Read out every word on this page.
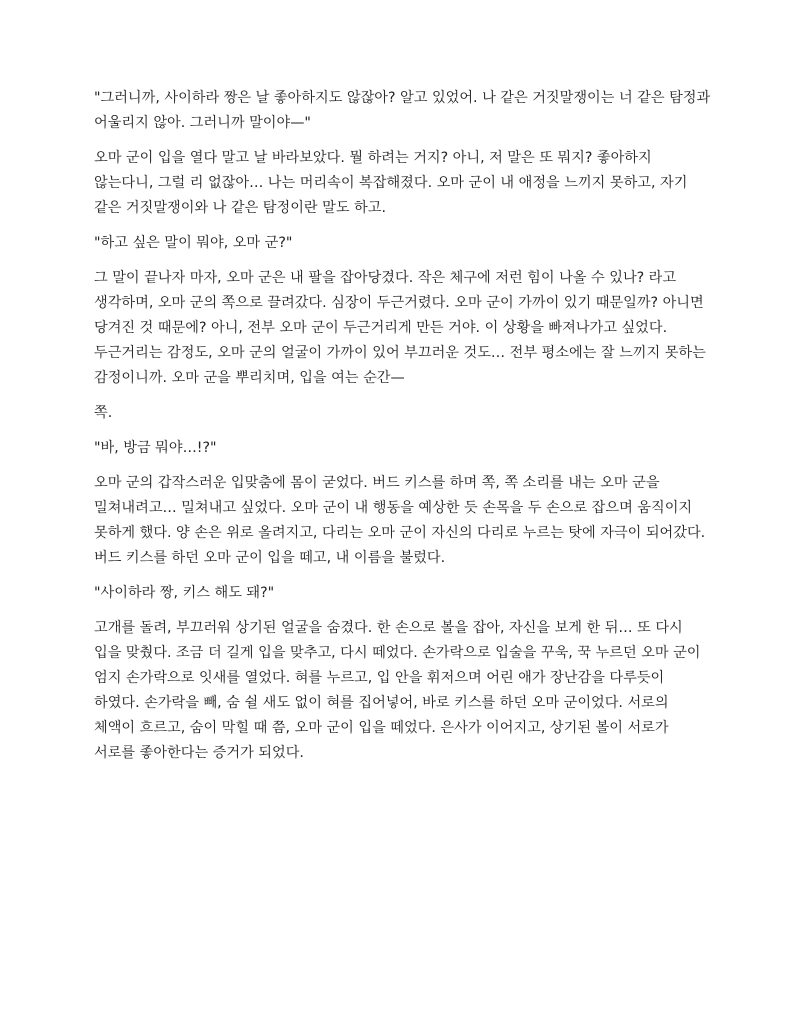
"그러니까, 사이하라 짱은 날 좋아하지도 않잖아? 알고 있었어. 나 같은 거짓말쟁이는 너 같은 탐정과 어울리지 않아. 그러니까 말이야—"

오마 군이 입을 열다 말고 날 바라보았다. 뭘 하려는 거지? 아니, 저 말은 또 뭐지? 좋아하지 않는다니, 그럴 리 없잖아… 나는 머리속이 복잡해졌다. 오마 군이 내 애정을 느끼지 못하고, 자기 같은 거짓말쟁이와 나 같은 탐정이란 말도 하고.

"하고 싶은 말이 뭐야, 오마 군?"

그 말이 끝나자 마자, 오마 군은 내 팔을 잡아당겼다. 작은 체구에 저런 힘이 나올 수 있나? 라고 생각하며, 오마 군의 쪽으로 끌려갔다. 심장이 두근거렸다. 오마 군이 가까이 있기 때문일까? 아니면 당겨진 것 때문에? 아니, 전부 오마 군이 두근거리게 만든 거야. 이 상황을 빠져나가고 싶었다. 두근거리는 감정도, 오마 군의 얼굴이 가까이 있어 부끄러운 것도… 전부 평소에는 잘 느끼지 못하는 감정이니까. 오마 군을 뿌리치며, 입을 여는 순간—

쪽.

"바, 방금 뭐야…!?"

오마 군의 갑작스러운 입맞춤에 몸이 굳었다. 버드 키스를 하며 쪽, 쪽 소리를 내는 오마 군을 밀쳐내려고… 밀쳐내고 싶었다. 오마 군이 내 행동을 예상한 듯 손목을 두 손으로 잡으며 움직이지 못하게 했다. 양 손은 위로 올려지고, 다리는 오마 군이 자신의 다리로 누르는 탓에 자극이 되어갔다. 버드 키스를 하던 오마 군이 입을 떼고, 내 이름을 불렀다.

"사이하라 짱, 키스 해도 돼?"

고개를 돌려, 부끄러워 상기된 얼굴을 숨겼다. 한 손으로 볼을 잡아, 자신을 보게 한 뒤… 또 다시 입을 맞췄다. 조금 더 길게 입을 맞추고, 다시 떼었다. 손가락으로 입술을 꾸욱, 꾹 누르던 오마 군이 엄지 손가락으로 잇새를 열었다. 혀를 누르고, 입 안을 휘저으며 어린 애가 장난감을 다루듯이 하였다. 손가락을 빼, 숨 쉴 새도 없이 혀를 집어넣어, 바로 키스를 하던 오마 군이었다. 서로의 체액이 흐르고, 숨이 막힐 때 쯤, 오마 군이 입을 떼었다. 은사가 이어지고, 상기된 볼이 서로가 서로를 좋아한다는 증거가 되었다.
